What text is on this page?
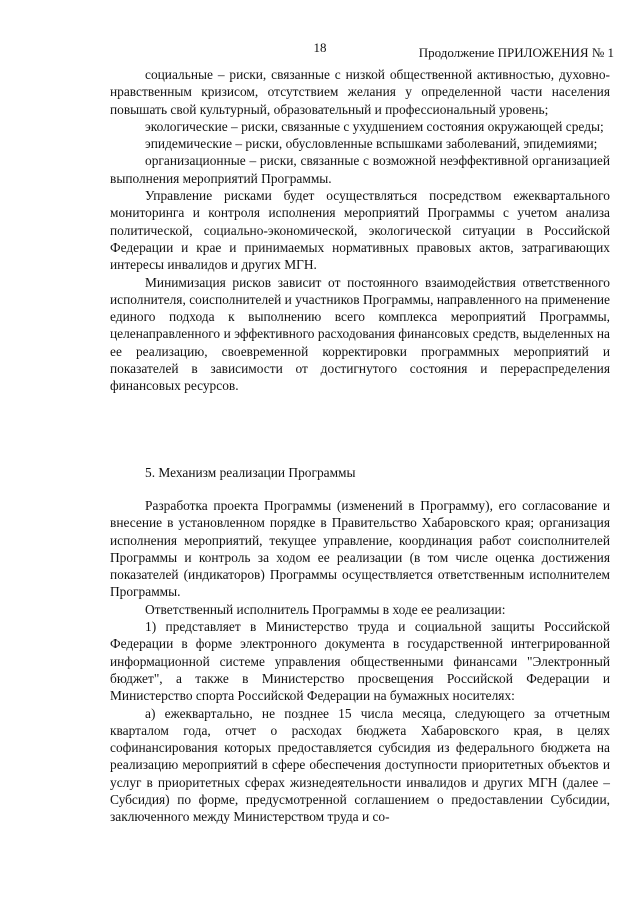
18	Продолжение ПРИЛОЖЕНИЯ № 1

социальные – риски, связанные с низкой общественной активностью, духовно-нравственным кризисом, отсутствием желания у определенной части населения повышать свой культурный, образовательный и профессиональный уровень;

экологические – риски, связанные с ухудшением состояния окружающей среды;

эпидемические – риски, обусловленные вспышками заболеваний, эпидемиями;

организационные – риски, связанные с возможной неэффективной организацией выполнения мероприятий Программы.

Управление рисками будет осуществляться посредством ежеквартального мониторинга и контроля исполнения мероприятий Программы с учетом анализа политической, социально-экономической, экологической ситуации в Российской Федерации и крае и принимаемых нормативных правовых актов, затрагивающих интересы инвалидов и других МГН.

Минимизация рисков зависит от постоянного взаимодействия ответственного исполнителя, соисполнителей и участников Программы, направленного на применение единого подхода к выполнению всего комплекса мероприятий Программы, целенаправленного и эффективного расходования финансовых средств, выделенных на ее реализацию, своевременной корректировки программных мероприятий и показателей в зависимости от достигнутого состояния и перераспределения финансовых ресурсов.

5. Механизм реализации Программы

Разработка проекта Программы (изменений в Программу), его согласование и внесение в установленном порядке в Правительство Хабаровского края; организация исполнения мероприятий, текущее управление, координация работ соисполнителей Программы и контроль за ходом ее реализации (в том числе оценка достижения показателей (индикаторов) Программы осуществляется ответственным исполнителем Программы.

Ответственный исполнитель Программы в ходе ее реализации:

1) представляет в Министерство труда и социальной защиты Российской Федерации в форме электронного документа в государственной интегрированной информационной системе управления общественными финансами "Электронный бюджет", а также в Министерство просвещения Российской Федерации и Министерство спорта Российской Федерации на бумажных носителях:

а) ежеквартально, не позднее 15 числа месяца, следующего за отчетным кварталом года, отчет о расходах бюджета Хабаровского края, в целях софинансирования которых предоставляется субсидия из федерального бюджета на реализацию мероприятий в сфере обеспечения доступности приоритетных объектов и услуг в приоритетных сферах жизнедеятельности инвалидов и других МГН (далее – Субсидия) по форме, предусмотренной соглашением о предоставлении Субсидии, заключенного между Министерством труда и со-
